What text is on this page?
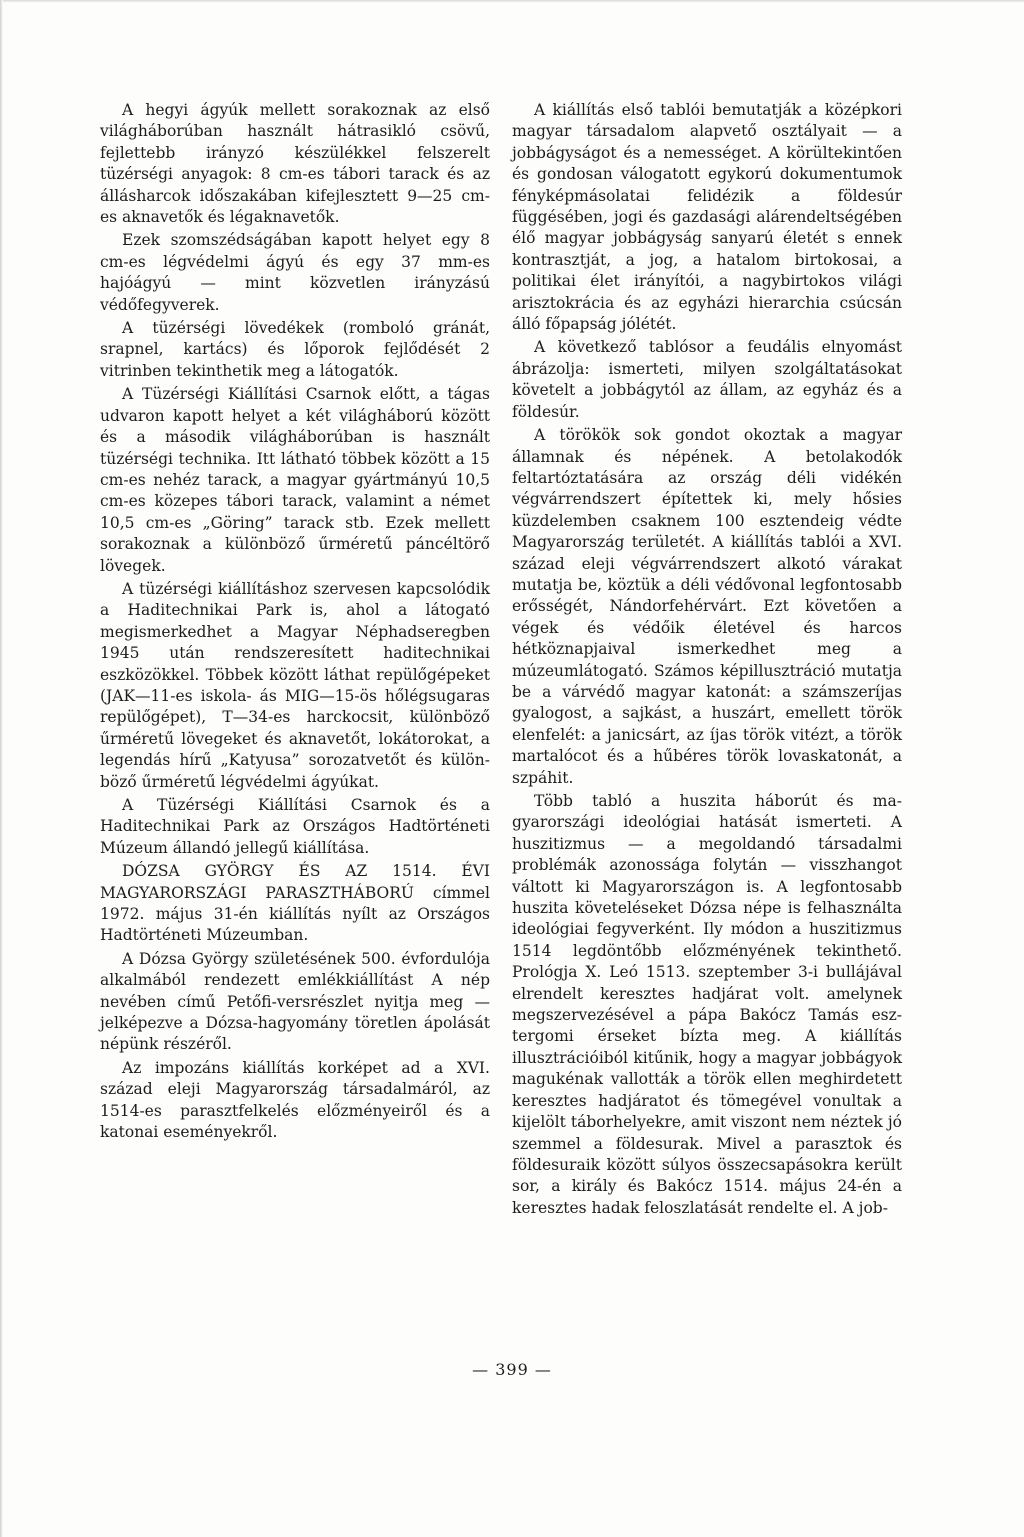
A hegyi ágyúk mellett sorakoznak az első világháborúban használt hátrasikló csövű, fejlettebb irányzó készülékkel felszerelt tüzérségi anyagok: 8 cm-es tábori tarack és az állásharcok időszakában kifejlesztett 9—25 cm-es aknavetők és légaknavetők.

Ezek szomszédságában kapott helyet egy 8 cm-es légvédelmi ágyú és egy 37 mm-es hajóágyú — mint közvetlen irányzású védőfegyverek.

A tüzérségi lövedékek (romboló gránát, srapnel, kartács) és lőporok fejlődését 2 vitrinben tekinthetik meg a látogatók.

A Tüzérségi Kiállítási Csarnok előtt, a tágas udvaron kapott helyet a két világháború között és a második világháborúban is használt tüzérségi technika. Itt látható többek között a 15 cm-es nehéz tarack, a magyar gyártmányú 10,5 cm-es közepes tábori tarack, valamint a német 10,5 cm-es „Göring” tarack stb. Ezek mellett sorakoznak a különböző űrméretű páncéltörő lövegek.

A tüzérségi kiállításhoz szervesen kapcsolódik a Haditechnikai Park is, ahol a látogató megismerkedhet a Magyar Néphadseregben 1945 után rendszeresített haditechnikai eszközökkel. Többek között láthat repülőgépeket (JAK—11-es iskola- ás MIG—15-ös hőlégsugaras repülőgépet), T—34-es harckocsit, különböző űrméretű lövegeket és aknavetőt, lokátorokat, a legendás hírű „Katyusa” sorozatvetőt és különböző űrméretű légvédelmi ágyúkat.

A Tüzérségi Kiállítási Csarnok és a Haditechnikai Park az Országos Hadtörténeti Múzeum állandó jellegű kiállítása.

DÓZSA GYÖRGY ÉS AZ 1514. ÉVI MAGYARORSZÁGI PARASZTHÁBORÚ címmel 1972. május 31-én kiállítás nyílt az Országos Hadtörténeti Múzeumban.

A Dózsa György születésének 500. évfordulója alkalmából rendezett emlékkiállítást A nép nevében című Petőfi-versrészlet nyitja meg — jelképezve a Dózsa-hagyomány töretlen ápolását népünk részéről.

Az impozáns kiállítás korképet ad a XVI. század eleji Magyarország társadalmáról, az 1514-es parasztfelkelés előzményeiről és a katonai eseményekről.

A kiállítás első tablói bemutatják a középkori magyar társadalom alapvető osztályait — a jobbágyságot és a nemességet. A körültekintően és gondosan válogatott egykorú dokumentumok fényképmásolatai felidézik a földesúr függésében, jogi és gazdasági alárendeltségében élő magyar jobbágyság sanyarú életét s ennek kontrasztját, a jog, a hatalom birtokosai, a politikai élet irányítói, a nagybirtokos világi arisztokrácia és az egyházi hierarchia csúcsán álló főpapság jólétét.

A következő tablósor a feudális elnyomást ábrázolja: ismerteti, milyen szolgáltatásokat követelt a jobbágytól az állam, az egyház és a földesúr.

A törökök sok gondot okoztak a magyar államnak és népének. A betolakodók feltartóztatására az ország déli vidékén végvárrendszert építettek ki, mely hősies küzdelemben csaknem 100 esztendeig védte Magyarország területét. A kiállítás tablói a XVI. század eleji végvárrendszert alkotó várakat mutatja be, köztük a déli védővonal legfontosabb erősségét, Nándorfehérvárt. Ezt követően a végek és védőik életével és harcos hétköznapjaival ismerkedhet meg a múzeumlátogató. Számos képillusztráció mutatja be a várvédő magyar katonát: a számszeríjas gyalogost, a sajkást, a huszárt, emellett török elenfelét: a janicsárt, az íjas török vitézt, a török martalócot és a hűbéres török lovaskatonát, a szpáhit.

Több tabló a huszita háborút és magyarországi ideológiai hatását ismerteti. A huszitizmus — a megoldandó társadalmi problémák azonossága folytán — visszhangot váltott ki Magyarországon is. A legfontosabb huszita követeléseket Dózsa népe is felhasználta ideológiai fegyverként. Ily módon a huszitizmus 1514 legdöntőbb előzményének tekinthető. Prológja X. Leó 1513. szeptember 3-i bullájával elrendelt keresztes hadjárat volt. amelynek megszervezésével a pápa Bakócz Tamás esztergomi érseket bízta meg. A kiállítás illusztrációiból kitűnik, hogy a magyar jobbágyok magukénak vallották a török ellen meghirdetett keresztes hadjáratot és tömegével vonultak a kijelölt táborhelyekre, amit viszont nem néztek jó szemmel a földesurak. Mivel a parasztok és földesuraik között súlyos összecsapásokra került sor, a király és Bakócz 1514. május 24-én a keresztes hadak feloszlatását rendelte el. A job-

— 399 —
